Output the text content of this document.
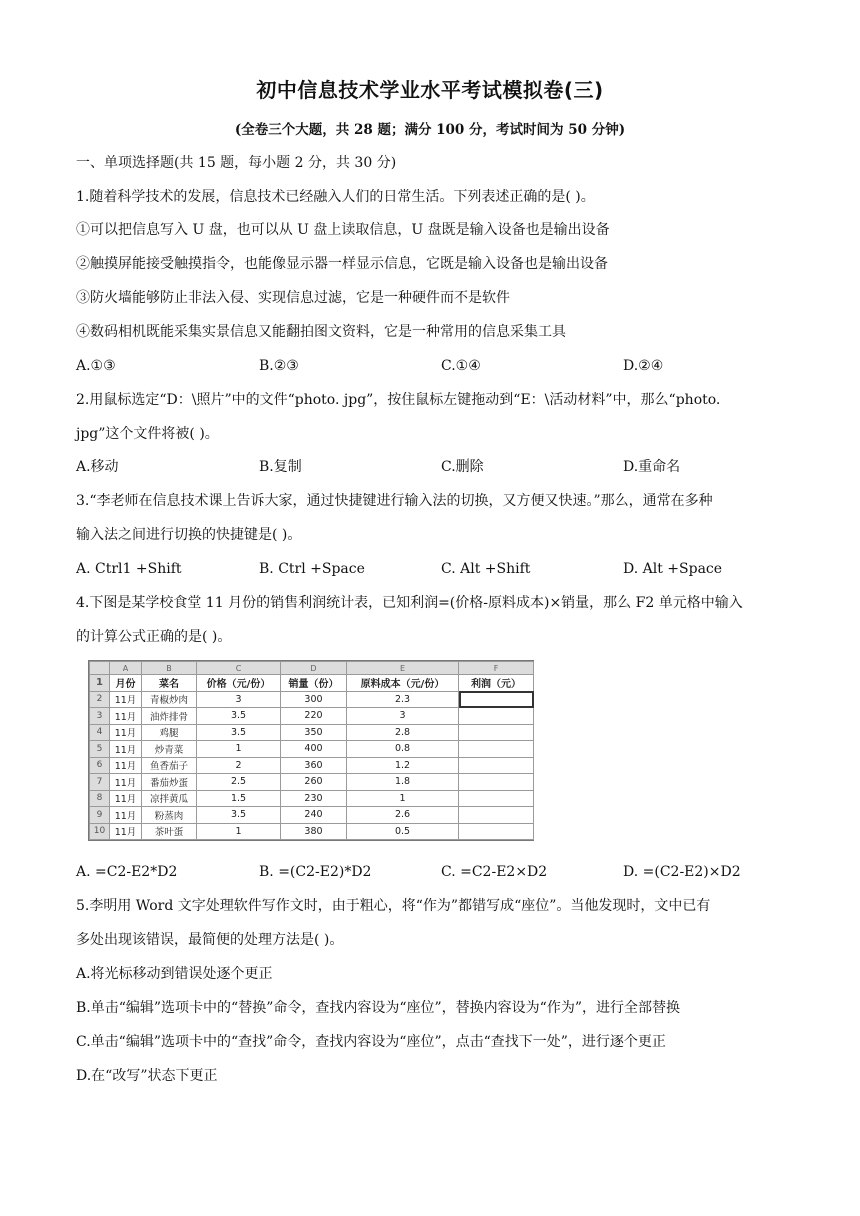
初中信息技术学业水平考试模拟卷(三)
(全卷三个大题，共 28 题；满分 100 分，考试时间为 50 分钟)
一、单项选择题(共 15 题，每小题 2 分，共 30 分)
1.随着科学技术的发展，信息技术已经融入人们的日常生活。下列表述正确的是( )。
①可以把信息写入 U 盘，也可以从 U 盘上读取信息，U 盘既是输入设备也是输出设备
②触摸屏能接受触摸指令，也能像显示器一样显示信息，它既是输入设备也是输出设备
③防火墙能够防止非法入侵、实现信息过滤，它是一种硬件而不是软件
④数码相机既能采集实景信息又能翻拍图文资料，它是一种常用的信息采集工具
A.①③	B.②③	C.①④	D.②④
2.用鼠标选定“D：\照片”中的文件“photo. jpg”，按住鼠标左键拖动到“E：\活动材料”中，那么“photo.
jpg”这个文件将被( )。
A.移动	B.复制	C.删除	D.重命名
3.“李老师在信息技术课上告诉大家，通过快捷键进行输入法的切换，又方便又快速。”那么，通常在多种
输入法之间进行切换的快捷键是( )。
A. Ctrl1 +Shift	B. Ctrl +Space	C. Alt +Shift	D. Alt +Space
4.下图是某学校食堂 11 月份的销售利润统计表，已知利润=(价格-原料成本)×销量，那么 F2 单元格中输入
的计算公式正确的是( )。
	A	B	C	D	E	F
1	月份	菜名	价格（元/份）	销量（份）	原料成本（元/份）	利润（元）
2	11月	青椒炒肉	3	300	2.3	
3	11月	油炸排骨	3.5	220	3	
4	11月	鸡腿	3.5	350	2.8	
5	11月	炒青菜	1	400	0.8	
6	11月	鱼香茄子	2	360	1.2	
7	11月	番茄炒蛋	2.5	260	1.8	
8	11月	凉拌黄瓜	1.5	230	1	
9	11月	粉蒸肉	3.5	240	2.6	
10	11月	茶叶蛋	1	380	0.5	
A. =C2-E2*D2	B. =(C2-E2)*D2	C. =C2-E2×D2	D. =(C2-E2)×D2
5.李明用 Word 文字处理软件写作文时，由于粗心，将“作为”都错写成“座位”。当他发现时，文中已有
多处出现该错误，最简便的处理方法是( )。
A.将光标移动到错误处逐个更正
B.单击“编辑”选项卡中的“替换”命令，查找内容设为“座位”，替换内容设为“作为”，进行全部替换
C.单击“编辑”选项卡中的“查找”命令，查找内容设为“座位”，点击“查找下一处”，进行逐个更正
D.在“改写”状态下更正
